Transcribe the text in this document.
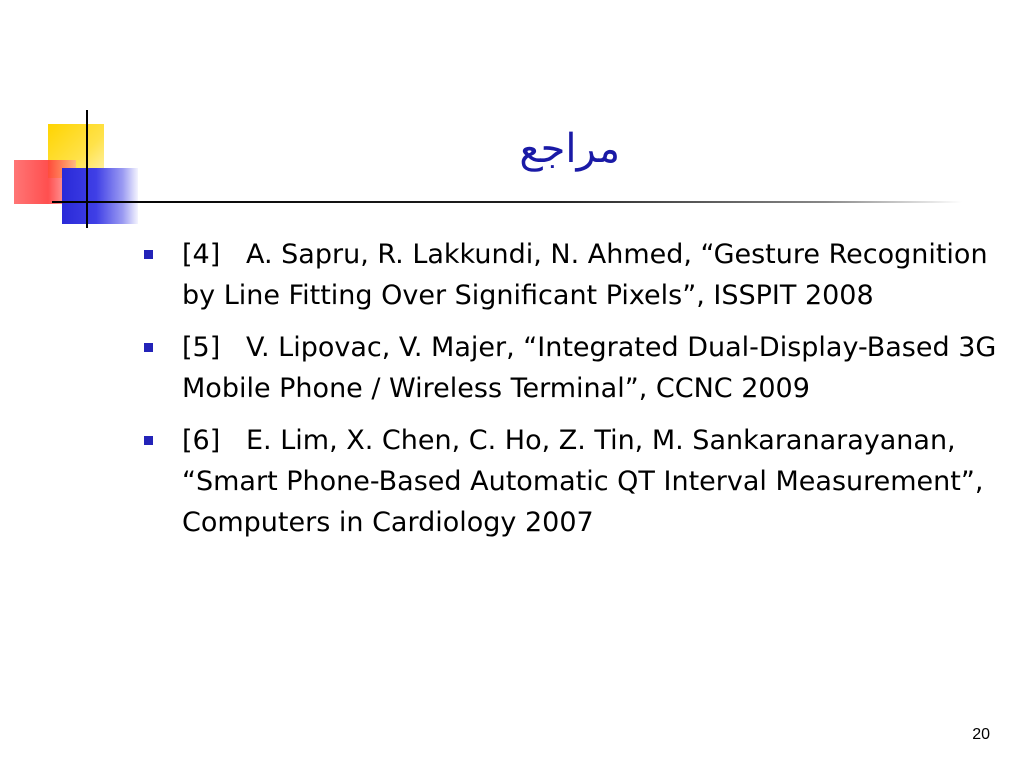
مراجع
[4]   A. Sapru, R. Lakkundi, N. Ahmed, “Gesture Recognition by Line Fitting Over Significant Pixels”, ISSPIT 2008
[5]   V. Lipovac, V. Majer, “Integrated Dual-Display-Based 3G Mobile Phone / Wireless Terminal”, CCNC 2009
[6]   E. Lim, X. Chen, C. Ho, Z. Tin, M. Sankaranarayanan, “Smart Phone-Based Automatic QT Interval Measurement”, Computers in Cardiology 2007
20
